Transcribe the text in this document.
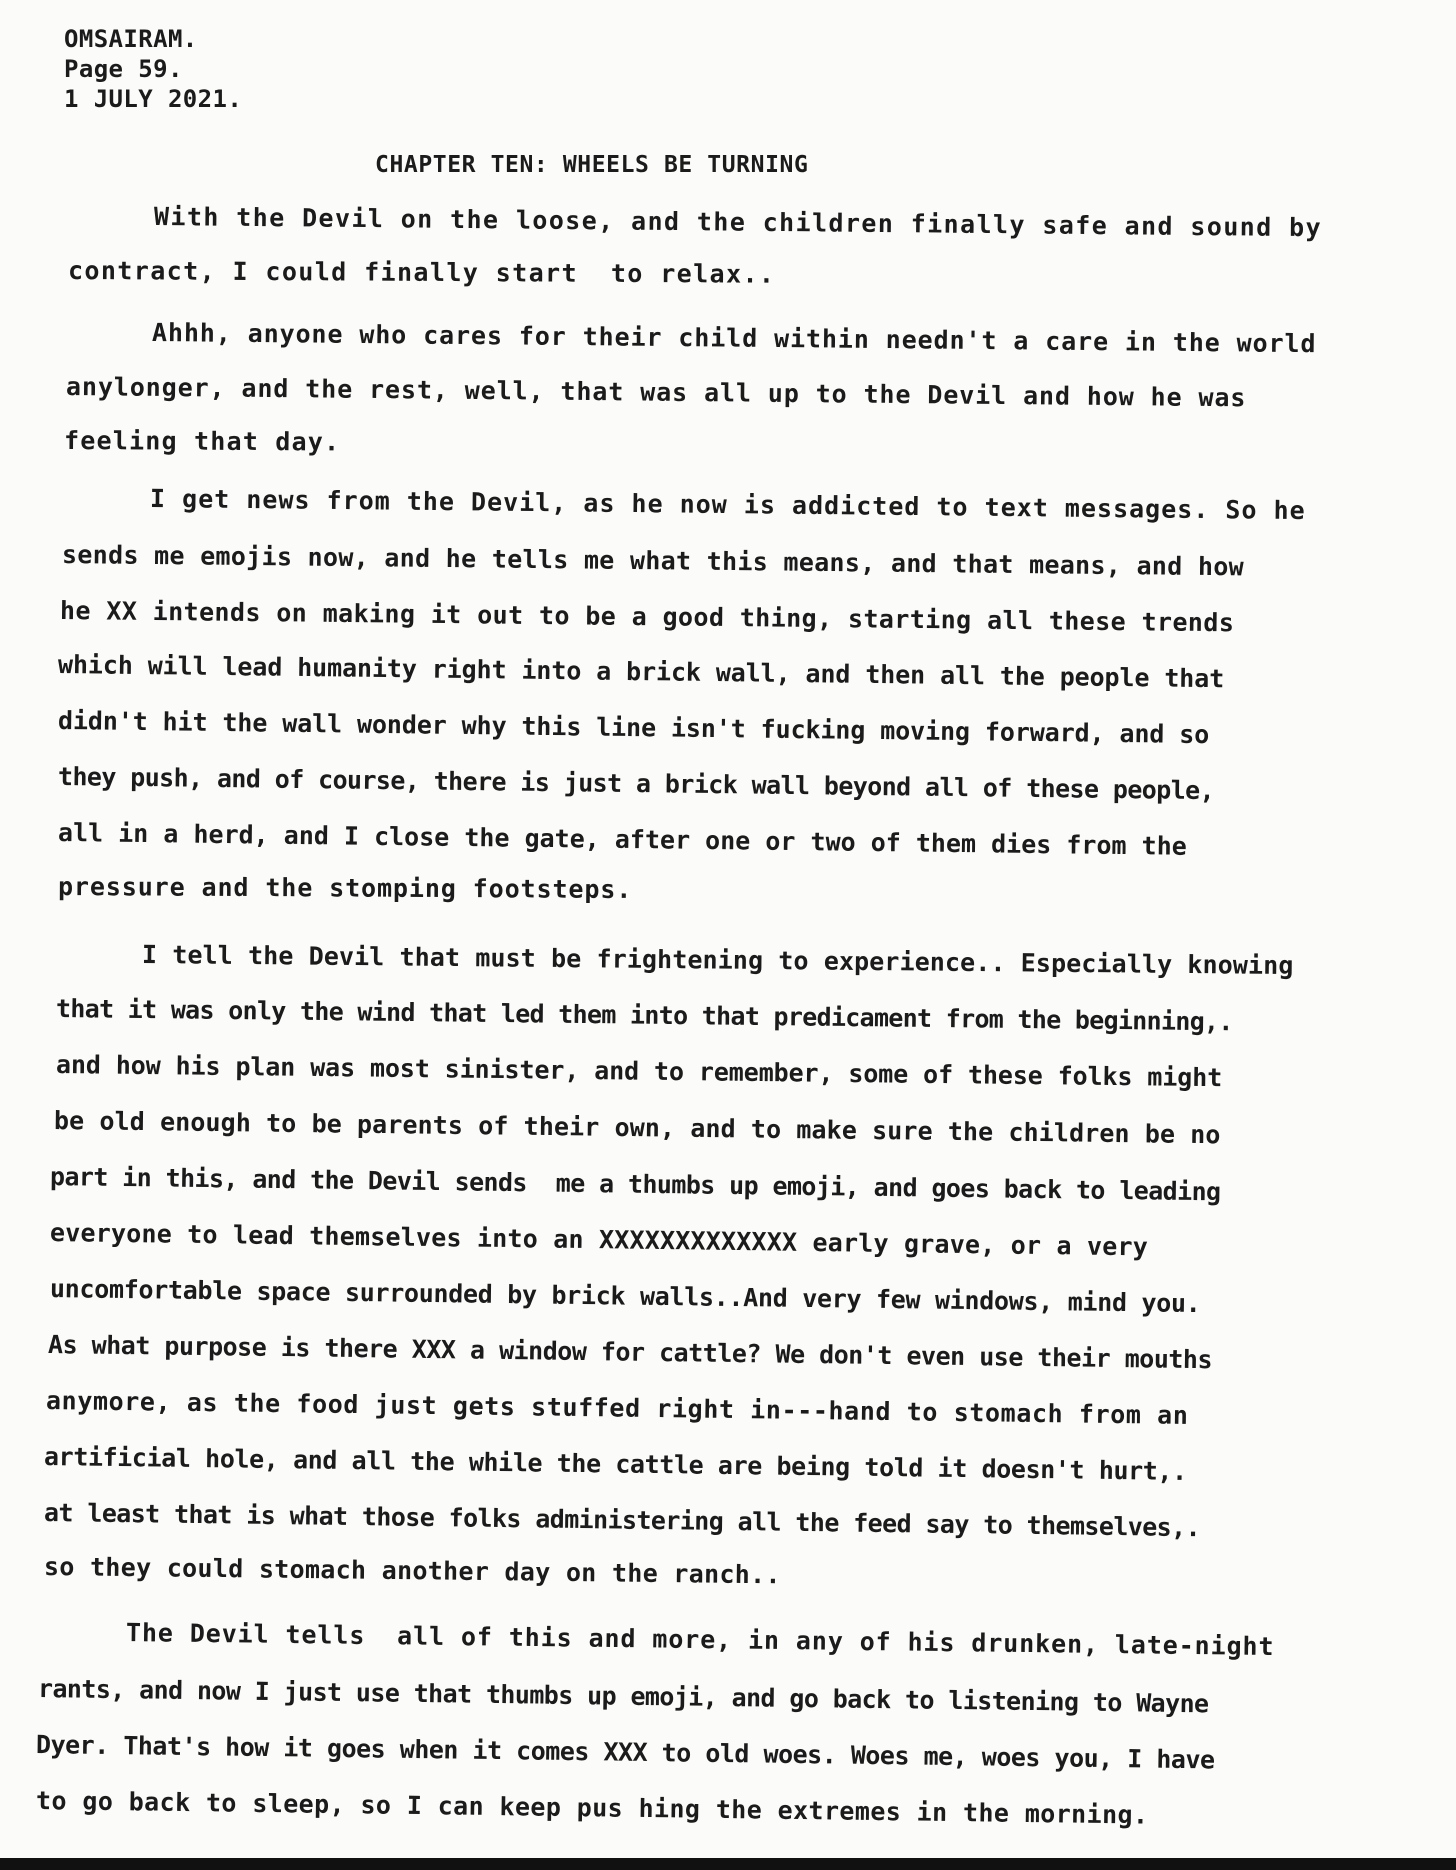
OMSAIRAM.
Page 59.
1 JULY 2021.
CHAPTER TEN: WHEELS BE TURNING
With the Devil on the loose, and the children finally safe and sound by
contract, I could finally start  to relax..
Ahhh, anyone who cares for their child within needn't a care in the world
anylonger, and the rest, well, that was all up to the Devil and how he was
feeling that day.
I get news from the Devil, as he now is addicted to text messages. So he
sends me emojis now, and he tells me what this means, and that means, and how
he XX intends on making it out to be a good thing, starting all these trends
which will lead humanity right into a brick wall, and then all the people that
didn't hit the wall wonder why this line isn't fucking moving forward, and so
they push, and of course, there is just a brick wall beyond all of these people,
all in a herd, and I close the gate, after one or two of them dies from the
pressure and the stomping footsteps.
I tell the Devil that must be frightening to experience.. Especially knowing
that it was only the wind that led them into that predicament from the beginning,.
and how his plan was most sinister, and to remember, some of these folks might
be old enough to be parents of their own, and to make sure the children be no
part in this, and the Devil sends  me a thumbs up emoji, and goes back to leading
everyone to lead themselves into an XXXXXXXXXXXXX early grave, or a very
uncomfortable space surrounded by brick walls..And very few windows, mind you.
As what purpose is there XXX a window for cattle? We don't even use their mouths
anymore, as the food just gets stuffed right in---hand to stomach from an
artificial hole, and all the while the cattle are being told it doesn't hurt,.
at least that is what those folks administering all the feed say to themselves,.
so they could stomach another day on the ranch..
The Devil tells  all of this and more, in any of his drunken, late-night
rants, and now I just use that thumbs up emoji, and go back to listening to Wayne
Dyer. That's how it goes when it comes XXX to old woes. Woes me, woes you, I have
to go back to sleep, so I can keep pus hing the extremes in the morning.
